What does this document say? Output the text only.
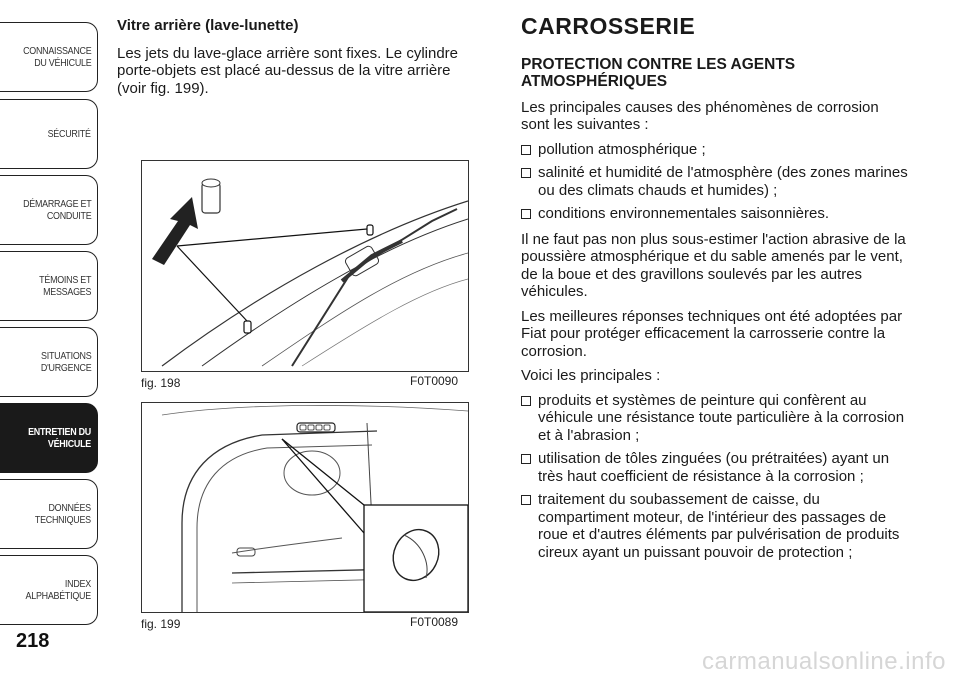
CONNAISSANCE
DU VÉHICULE
SÉCURITÉ
DÉMARRAGE ET
CONDUITE
TÉMOINS ET
MESSAGES
SITUATIONS
D'URGENCE
ENTRETIEN DU
VÉHICULE
DONNÉES
TECHNIQUES
INDEX
ALPHABÉTIQUE
218

Vitre arrière (lave-lunette)

Les jets du lave-glace arrière sont fixes. Le cylindre porte-objets est placé au-dessus de la vitre arrière (voir fig. 199).

fig. 198	F0T0090
fig. 199	F0T0089
CARROSSERIE
PROTECTION CONTRE LES AGENTS ATMOSPHÉRIQUES

Les principales causes des phénomènes de corrosion sont les suivantes :

pollution atmosphérique ;
salinité et humidité de l'atmosphère (des zones marines ou des climats chauds et humides) ;
conditions environnementales saisonnières.

Il ne faut pas non plus sous-estimer l'action abrasive de la poussière atmosphérique et du sable amenés par le vent, de la boue et des gravillons soulevés par les autres véhicules.

Les meilleures réponses techniques ont été adoptées par Fiat pour protéger efficacement la carrosserie contre la corrosion.

Voici les principales :

produits et systèmes de peinture qui confèrent au véhicule une résistance toute particulière à la corrosion et à l'abrasion ;
utilisation de tôles zinguées (ou prétraitées) ayant un très haut coefficient de résistance à la corrosion ;
traitement du soubassement de caisse, du compartiment moteur, de l'intérieur des passages de roue et d'autres éléments par pulvérisation de produits cireux ayant un puissant pouvoir de protection ;
carmanualsonline.info
